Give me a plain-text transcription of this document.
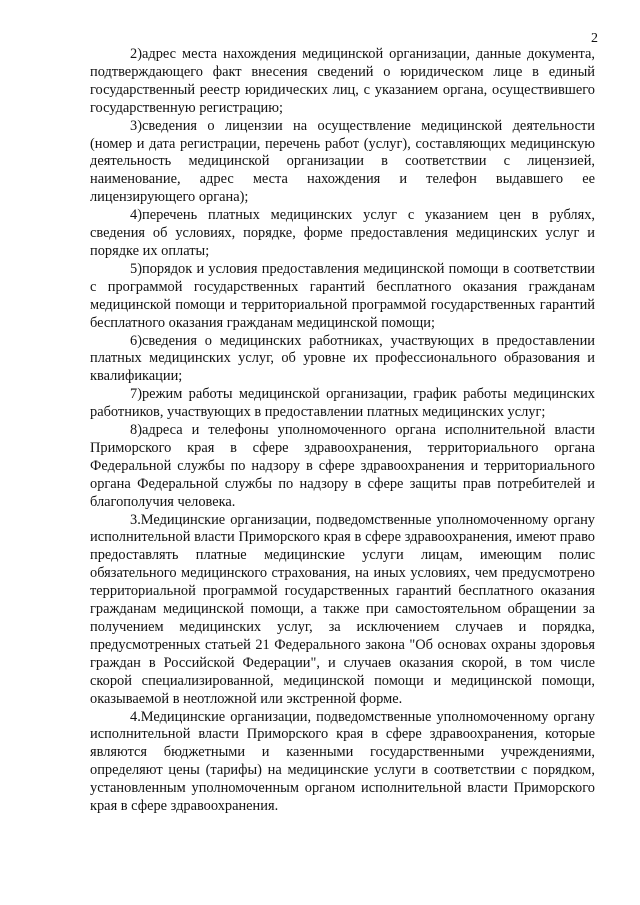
2

2)адрес места нахождения медицинской организации, данные документа, подтверждающего факт внесения сведений о юридическом лице в единый государственный реестр юридических лиц, с указанием органа, осуществившего государственную регистрацию;

3)сведения о лицензии на осуществление медицинской деятельности (номер и дата регистрации, перечень работ (услуг), составляющих медицинскую деятельность медицинской организации в соответствии с лицензией, наименование, адрес места нахождения и телефон выдавшего ее лицензирующего органа);

4)перечень платных медицинских услуг с указанием цен в рублях, сведения об условиях, порядке, форме предоставления медицинских услуг и порядке их оплаты;

5)порядок и условия предоставления медицинской помощи в соответствии с программой государственных гарантий бесплатного оказания гражданам медицинской помощи и территориальной программой государственных гарантий бесплатного оказания гражданам медицинской помощи;

6)сведения о медицинских работниках, участвующих в предоставлении платных медицинских услуг, об уровне их профессионального образования и квалификации;

7)режим работы медицинской организации, график работы медицинских работников, участвующих в предоставлении платных медицинских услуг;

8)адреса и телефоны уполномоченного органа исполнительной власти Приморского края в сфере здравоохранения, территориального органа Федеральной службы по надзору в сфере здравоохранения и территориального органа Федеральной службы по надзору в сфере защиты прав потребителей и благополучия человека.

3.Медицинские организации, подведомственные уполномоченному органу исполнительной власти Приморского края в сфере здравоохранения, имеют право предоставлять платные медицинские услуги лицам, имеющим полис обязательного медицинского страхования, на иных условиях, чем предусмотрено территориальной программой государственных гарантий бесплатного оказания гражданам медицинской помощи, а также при самостоятельном обращении за получением медицинских услуг, за исключением случаев и порядка, предусмотренных статьей 21 Федерального закона "Об основах охраны здоровья граждан в Российской Федерации", и случаев оказания скорой, в том числе скорой специализированной, медицинской помощи и медицинской помощи, оказываемой в неотложной или экстренной форме.

4.Медицинские организации, подведомственные уполномоченному органу исполнительной власти Приморского края в сфере здравоохранения, которые являются бюджетными и казенными государственными учреждениями, определяют цены (тарифы) на медицинские услуги в соответствии с порядком, установленным уполномоченным органом исполнительной власти Приморского края в сфере здравоохранения.
